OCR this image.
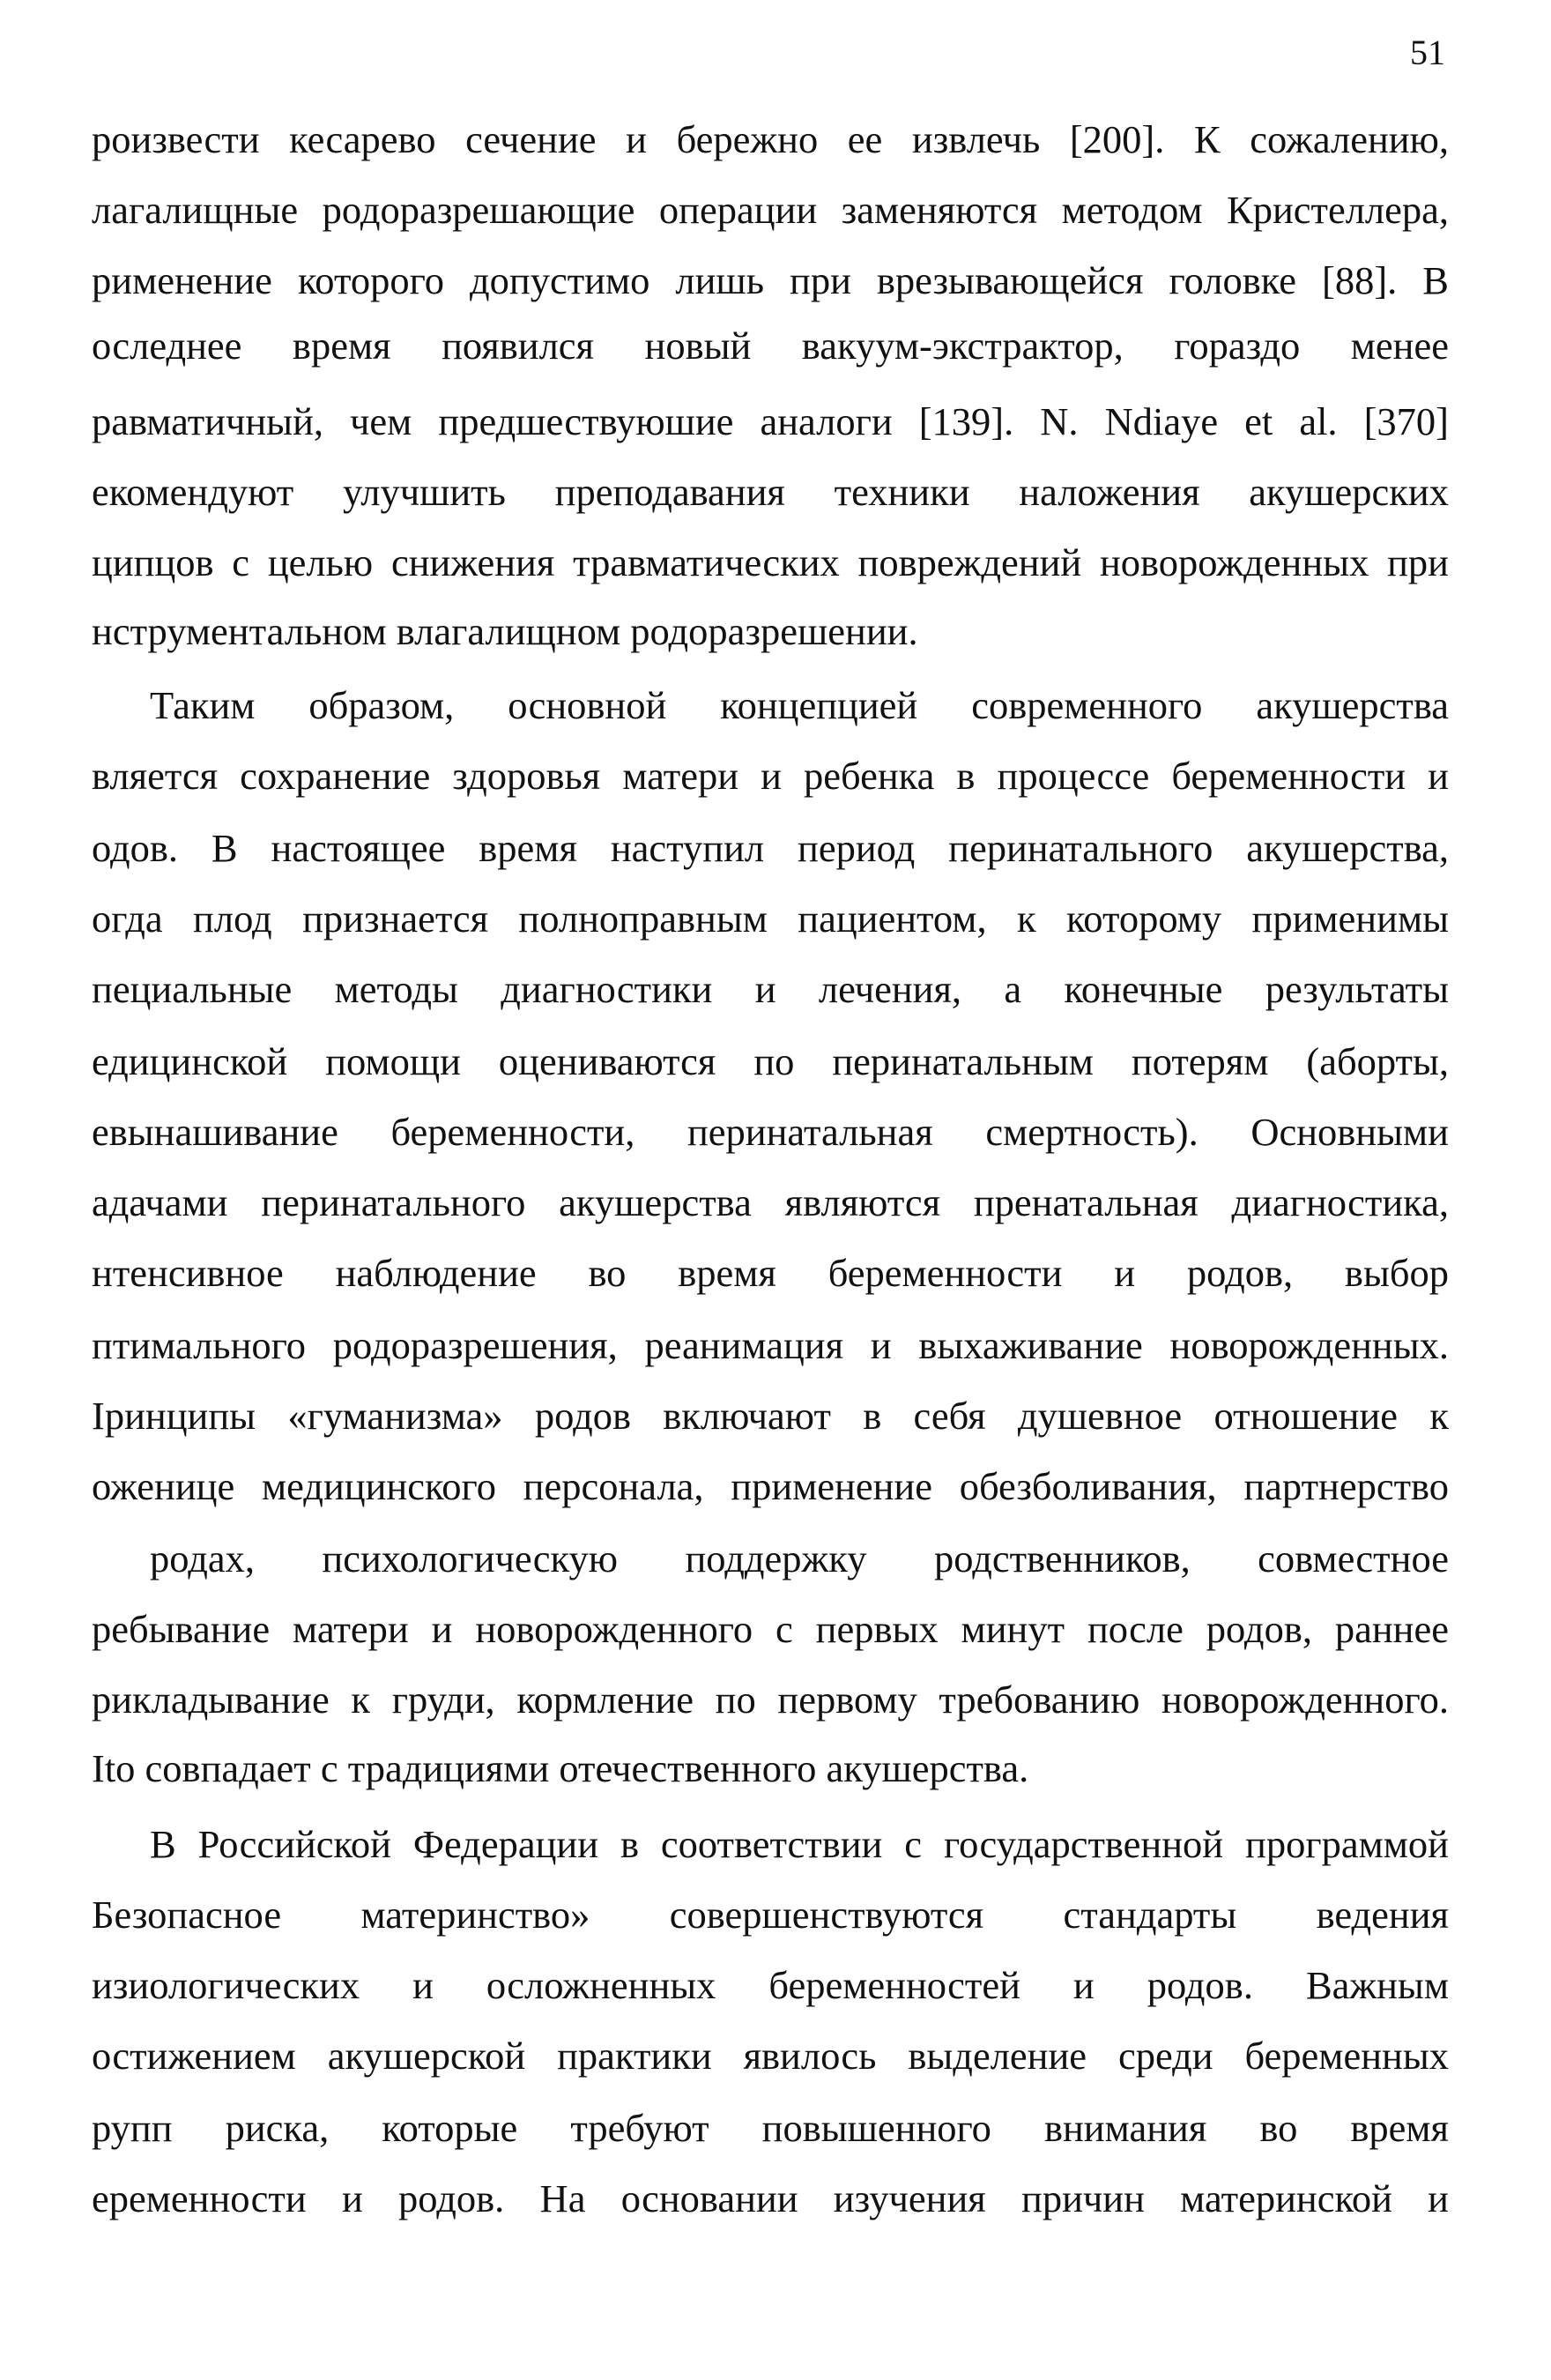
51
роизвести кесарево сечение и бережно ее извлечь [200]. К сожалению,
лагалищные родоразрешающие операции заменяются методом Кристеллера,
рименение которого допустимо лишь при врезывающейся головке [88]. В
оследнее время появился новый вакуум-экстрактор, гораздо менее
равматичный, чем предшествуюшие аналоги [139]. N. Ndiaye et al. [370]
екомендуют улучшить преподавания техники наложения акушерских
ципцов с целью снижения травматических повреждений новорожденных при
нструментальном влагалищном родоразрешении.
Таким образом, основной концепцией современного акушерства
вляется сохранение здоровья матери и ребенка в процессе беременности и
одов. В настоящее время наступил период перинатального акушерства,
огда плод признается полноправным пациентом, к которому применимы
пециальные методы диагностики и лечения, а конечные результаты
едицинской помощи оцениваются по перинатальным потерям (аборты,
евынашивание беременности, перинатальная смертность). Основными
адачами перинатального акушерства являются пренатальная диагностика,
нтенсивное наблюдение во время беременности и родов, выбор
птимального родоразрешения, реанимация и выхаживание новорожденных.
Іринципы «гуманизма» родов включают в себя душевное отношение к
оженице медицинского персонала, применение обезболивания, партнерство
родах, психологическую поддержку родственников, совместное
ребывание матери и новорожденного с первых минут после родов, раннее
рикладывание к груди, кормление по первому требованию новорожденного.
Ito совпадает с традициями отечественного акушерства.
В Российской Федерации в соответствии с государственной программой
Безопасное материнство» совершенствуются стандарты ведения
изиологических и осложненных беременностей и родов. Важным
остижением акушерской практики явилось выделение среди беременных
рупп риска, которые требуют повышенного внимания во время
еременности и родов. На основании изучения причин материнской и
